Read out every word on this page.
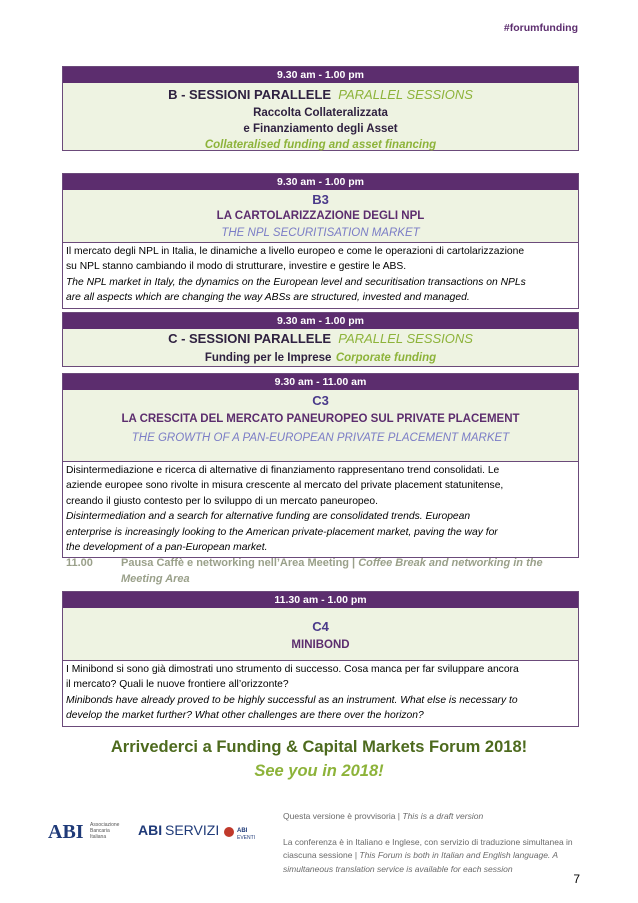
#forumfunding
9.30 am - 1.00 pm
B - SESSIONI PARALLELE PARALLEL SESSIONS
Raccolta Collateralizzata
e Finanziamento degli Asset
Collateralised funding and asset financing
9.30 am - 1.00 pm
B3
LA CARTOLARIZZAZIONE DEGLI NPL
THE NPL SECURITISATION MARKET
Il mercato degli NPL in Italia, le dinamiche a livello europeo e come le operazioni di cartolarizzazione
su NPL stanno cambiando il modo di strutturare, investire e gestire le ABS.
The NPL market in Italy, the dynamics on the European level and securitisation transactions on NPLs
are all aspects which are changing the way ABSs are structured, invested and managed.
9.30 am - 1.00 pm
C - SESSIONI PARALLELE PARALLEL SESSIONS
Funding per le Imprese Corporate funding
9.30 am - 11.00 am
C3
LA CRESCITA DEL MERCATO PANEUROPEO SUL PRIVATE PLACEMENT
THE GROWTH OF A PAN-EUROPEAN PRIVATE PLACEMENT MARKET
Disintermediazione e ricerca di alternative di finanziamento rappresentano trend consolidati. Le
aziende europee sono rivolte in misura crescente al mercato del private placement statunitense,
creando il giusto contesto per lo sviluppo di un mercato paneuropeo.
Disintermediation and a search for alternative funding are consolidated trends. European
enterprise is increasingly looking to the American private-placement market, paving the way for
the development of a pan-European market.
11.00	Pausa Caffè e networking nell’Area Meeting | Coffee Break and networking in the Meeting Area
11.30 am - 1.00 pm
C4
MINIBOND
I Minibond si sono già dimostrati uno strumento di successo. Cosa manca per far sviluppare ancora
il mercato? Quali le nuove frontiere all’orizzonte?
Minibonds have already proved to be highly successful as an instrument. What else is necessary to
develop the market further? What other challenges are there over the horizon?
Arrivederci a Funding & Capital Markets Forum 2018!
See you in 2018!
ABI Associazione
Bancaria
Italiana ABI SERVIZI	ABI
EVENTI
Questa versione è provvisoria | This is a draft version
La conferenza è in Italiano e Inglese, con servizio di traduzione simultanea in ciascuna sessione | This Forum is both in Italian and English language. A simultaneous translation service is available for each session
7
